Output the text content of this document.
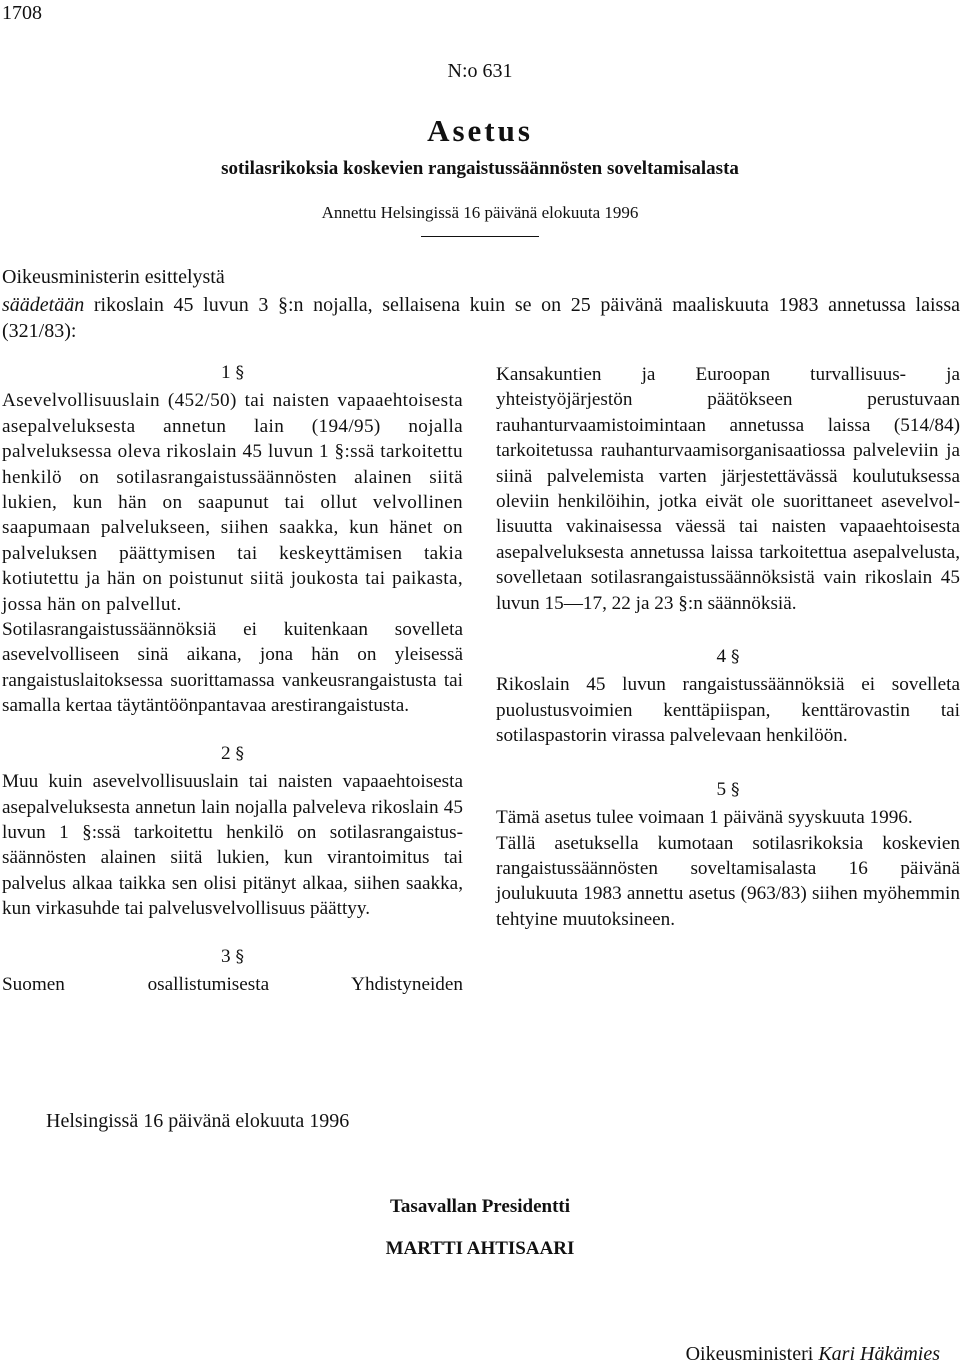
1708
N:o 631
Asetus
sotilasrikoksia koskevien rangaistussäännösten soveltamisalasta
Annettu Helsingissä 16 päivänä elokuuta 1996
Oikeusministerin esittelystä
säädetään rikoslain 45 luvun 3 §:n nojalla, sellaisena kuin se on 25 päivänä maaliskuuta 1983 annetussa laissa (321/83):
1 §

Asevelvollisuuslain (452/50) tai naisten vapaaehtoisesta asepalveluksesta annetun lain (194/95) nojalla palveluksessa oleva rikoslain 45 luvun 1 §:ssä tarkoitettu henkilö on sotilasrangaistussäännösten alainen siitä lukien, kun hän on saapunut tai ollut velvollinen saapumaan palvelukseen, siihen saakka, kun hänet on palveluksen päättymisen tai keskeyttämisen takia kotiutettu ja hän on poistunut siitä joukosta tai paikasta, jossa hän on palvellut.

Sotilasrangaistussäännöksiä ei kuitenkaan sovelleta asevelvolliseen sinä aikana, jona hän on yleisessä rangaistuslaitoksessa suorittamassa vankeusrangaistusta tai samalla kertaa täytäntöönpantavaa arestirangaistusta.

2 §

Muu kuin asevelvollisuuslain tai naisten vapaaehtoisesta asepalveluksesta annetun lain nojalla palveleva rikoslain 45 luvun 1 §:ssä tarkoitettu henkilö on sotilasrangaistussäännösten alainen siitä lukien, kun virantoimitus tai palvelus alkaa taikka sen olisi pitänyt alkaa, siihen saakka, kun virkasuhde tai palvelusvelvollisuus päättyy.

3 §

Suomen osallistumisesta Yhdistyneiden

Kansakuntien ja Euroopan turvallisuus- ja yhteistyöjärjestön päätökseen perustuvaan rauhanturvaamistoimintaan annetussa laissa (514/84) tarkoitetussa rauhanturvaamisorganisaatiossa palveleviin ja siinä palvelemista varten järjestettävässä koulutuksessa oleviin henkilöihin, jotka eivät ole suorittaneet asevelvollisuutta vakinaisessa väessä tai naisten vapaaehtoisesta asepalveluksesta annetussa laissa tarkoitettua asepalvelusta, sovelletaan sotilasrangaistussäännöksistä vain rikoslain 45 luvun 15—17, 22 ja 23 §:n säännöksiä.

4 §

Rikoslain 45 luvun rangaistussäännöksiä ei sovelleta puolustusvoimien kenttäpiispan, kenttärovastin tai sotilaspastorin virassa palvelevaan henkilöön.

5 §

Tämä asetus tulee voimaan 1 päivänä syyskuuta 1996.

Tällä asetuksella kumotaan sotilasrikoksia koskevien rangaistussäännösten soveltamisalasta 16 päivänä joulukuuta 1983 annettu asetus (963/83) siihen myöhemmin tehtyine muutoksineen.

Helsingissä 16 päivänä elokuuta 1996
Tasavallan Presidentti
MARTTI AHTISAARI
Oikeusministeri Kari Häkämies
